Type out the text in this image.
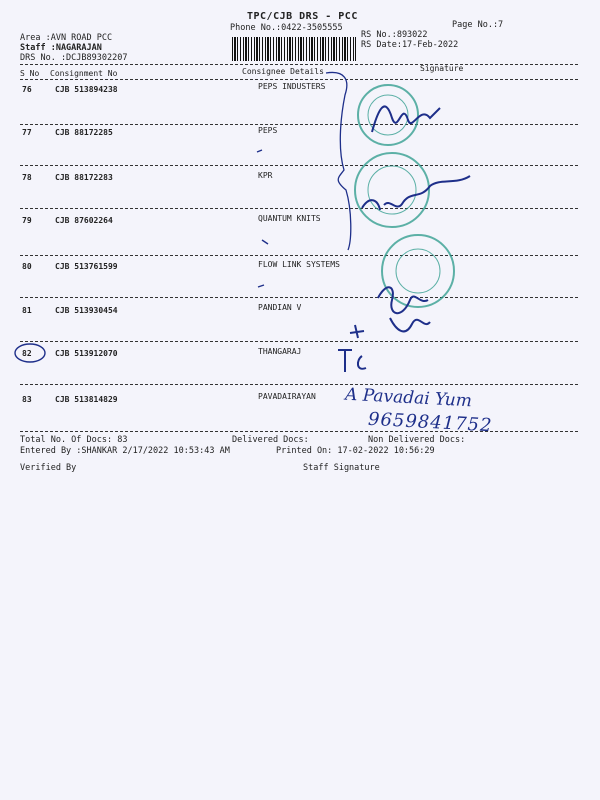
TPC/CJB DRS - PCC
Phone No.:0422-3505555	Page No.:7
Area :AVN ROAD PCC
Staff :NAGARAJAN
DRS No. :DCJB89302207
RS No.:893022
RS Date:17-Feb-2022
S No Consignment No	Consignee Details	Signature
76	CJB 513894238	PEPS INDUSTERS
77	CJB 88172285	PEPS
78	CJB 88172283	KPR
79	CJB 87602264	QUANTUM KNITS
80	CJB 513761599	FLOW LINK SYSTEMS
81	CJB 513930454	PANDIAN V
82	CJB 513912070	THANGARAJ
83	CJB 513814829	PAVADAIRAYAN
Total No. Of Docs: 83	Delivered Docs:	Non Delivered Docs:
Entered By :SHANKAR 2/17/2022 10:53:43 AM	Printed On: 17-02-2022 10:56:29
Verified By	Staff Signature
A Pavadai Yum
9659841752
